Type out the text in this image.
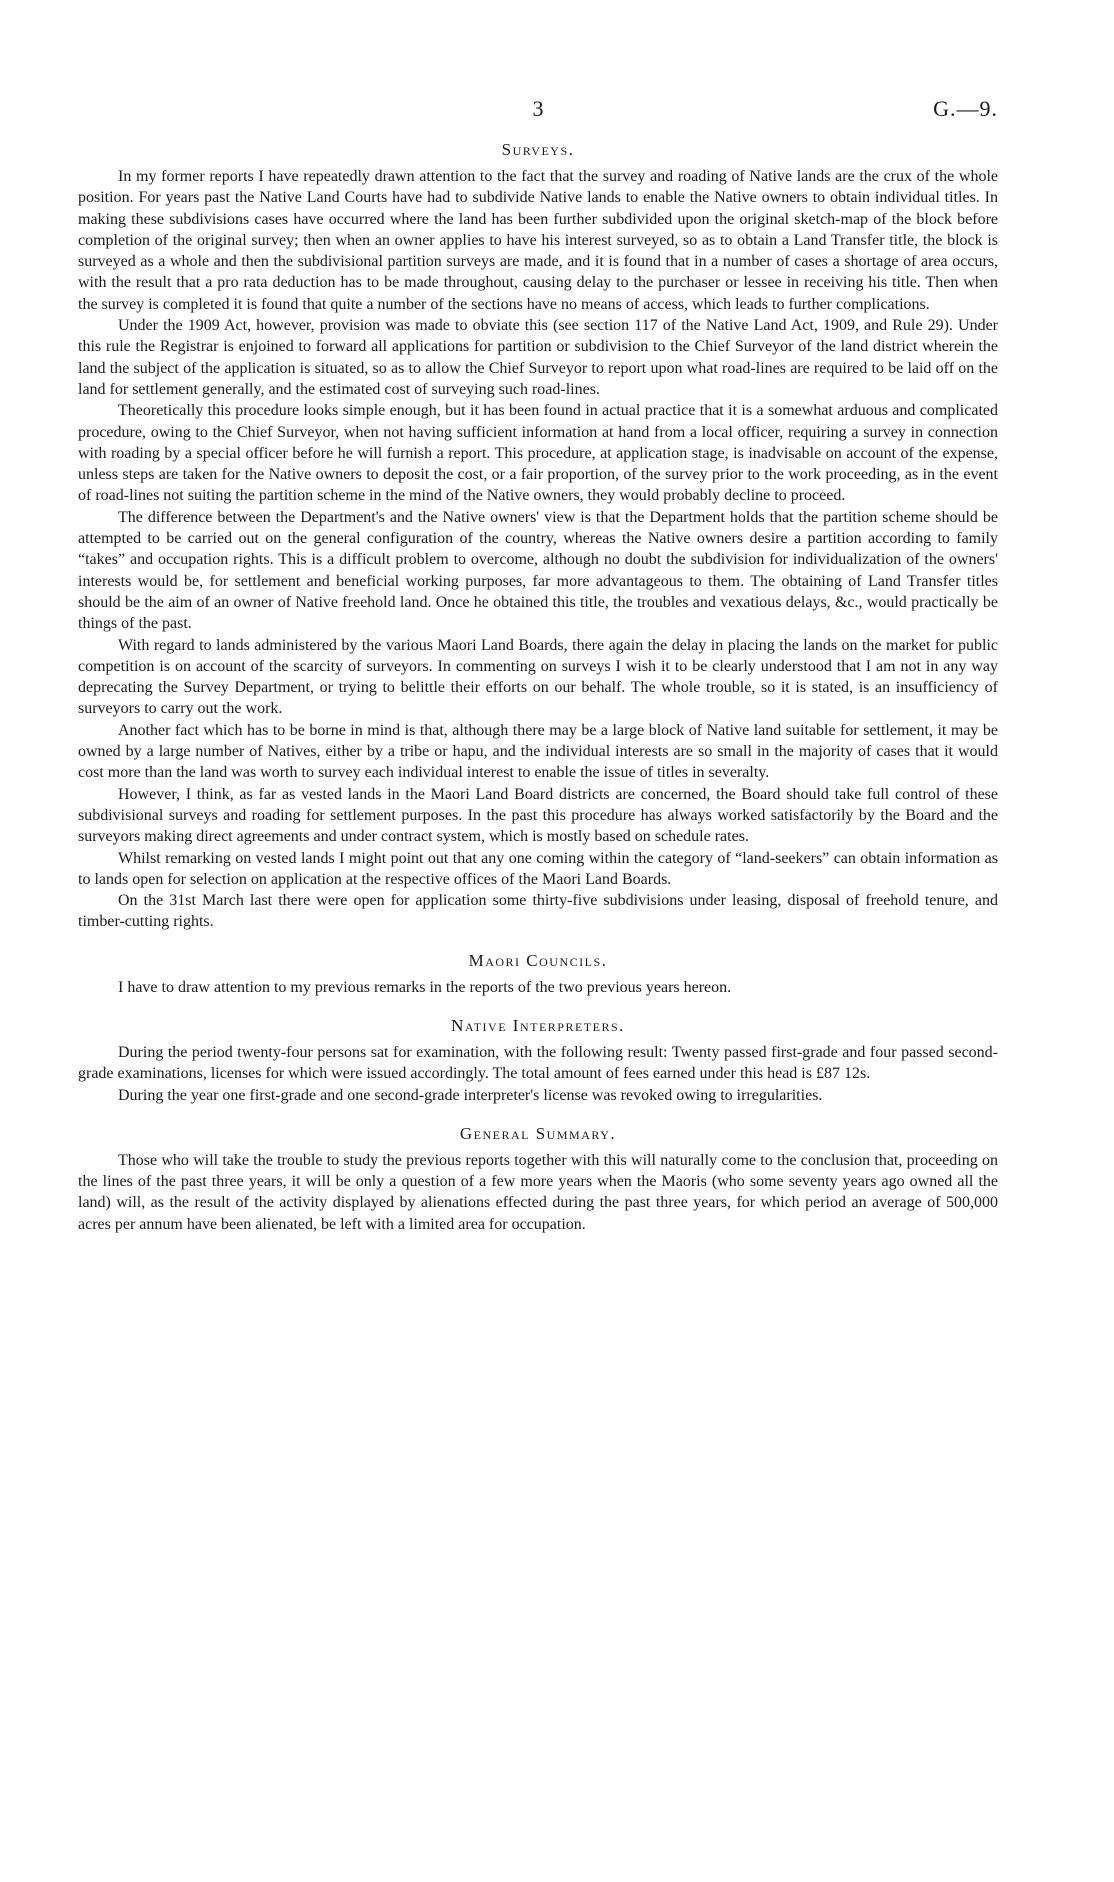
3	G.—9.
Surveys.

In my former reports I have repeatedly drawn attention to the fact that the survey and roading of Native lands are the crux of the whole position. For years past the Native Land Courts have had to subdivide Native lands to enable the Native owners to obtain individual titles. In making these subdivisions cases have occurred where the land has been further subdivided upon the original sketch-map of the block before completion of the original survey; then when an owner applies to have his interest surveyed, so as to obtain a Land Transfer title, the block is surveyed as a whole and then the subdivisional partition surveys are made, and it is found that in a number of cases a shortage of area occurs, with the result that a pro rata deduction has to be made throughout, causing delay to the purchaser or lessee in receiving his title. Then when the survey is completed it is found that quite a number of the sections have no means of access, which leads to further complications.

Under the 1909 Act, however, provision was made to obviate this (see section 117 of the Native Land Act, 1909, and Rule 29). Under this rule the Registrar is enjoined to forward all applications for partition or subdivision to the Chief Surveyor of the land district wherein the land the subject of the application is situated, so as to allow the Chief Surveyor to report upon what road-lines are required to be laid off on the land for settlement generally, and the estimated cost of surveying such road-lines.

Theoretically this procedure looks simple enough, but it has been found in actual practice that it is a somewhat arduous and complicated procedure, owing to the Chief Surveyor, when not having sufficient information at hand from a local officer, requiring a survey in connection with roading by a special officer before he will furnish a report. This procedure, at application stage, is inadvisable on account of the expense, unless steps are taken for the Native owners to deposit the cost, or a fair proportion, of the survey prior to the work proceeding, as in the event of road-lines not suiting the partition scheme in the mind of the Native owners, they would probably decline to proceed.

The difference between the Department's and the Native owners' view is that the Department holds that the partition scheme should be attempted to be carried out on the general configuration of the country, whereas the Native owners desire a partition according to family “takes” and occupation rights. This is a difficult problem to overcome, although no doubt the subdivision for individualization of the owners' interests would be, for settlement and beneficial working purposes, far more advantageous to them. The obtaining of Land Transfer titles should be the aim of an owner of Native freehold land. Once he obtained this title, the troubles and vexatious delays, &c., would practically be things of the past.

With regard to lands administered by the various Maori Land Boards, there again the delay in placing the lands on the market for public competition is on account of the scarcity of surveyors. In commenting on surveys I wish it to be clearly understood that I am not in any way deprecating the Survey Department, or trying to belittle their efforts on our behalf. The whole trouble, so it is stated, is an insufficiency of surveyors to carry out the work.

Another fact which has to be borne in mind is that, although there may be a large block of Native land suitable for settlement, it may be owned by a large number of Natives, either by a tribe or hapu, and the individual interests are so small in the majority of cases that it would cost more than the land was worth to survey each individual interest to enable the issue of titles in severalty.

However, I think, as far as vested lands in the Maori Land Board districts are concerned, the Board should take full control of these subdivisional surveys and roading for settlement purposes. In the past this procedure has always worked satisfactorily by the Board and the surveyors making direct agreements and under contract system, which is mostly based on schedule rates.

Whilst remarking on vested lands I might point out that any one coming within the category of “land-seekers” can obtain information as to lands open for selection on application at the respective offices of the Maori Land Boards.

On the 31st March last there were open for application some thirty-five subdivisions under leasing, disposal of freehold tenure, and timber-cutting rights.

Maori Councils.

I have to draw attention to my previous remarks in the reports of the two previous years hereon.

Native Interpreters.

During the period twenty-four persons sat for examination, with the following result: Twenty passed first-grade and four passed second-grade examinations, licenses for which were issued accordingly. The total amount of fees earned under this head is £87 12s.

During the year one first-grade and one second-grade interpreter's license was revoked owing to irregularities.

General Summary.

Those who will take the trouble to study the previous reports together with this will naturally come to the conclusion that, proceeding on the lines of the past three years, it will be only a question of a few more years when the Maoris (who some seventy years ago owned all the land) will, as the result of the activity displayed by alienations effected during the past three years, for which period an average of 500,000 acres per annum have been alienated, be left with a limited area for occupation.
